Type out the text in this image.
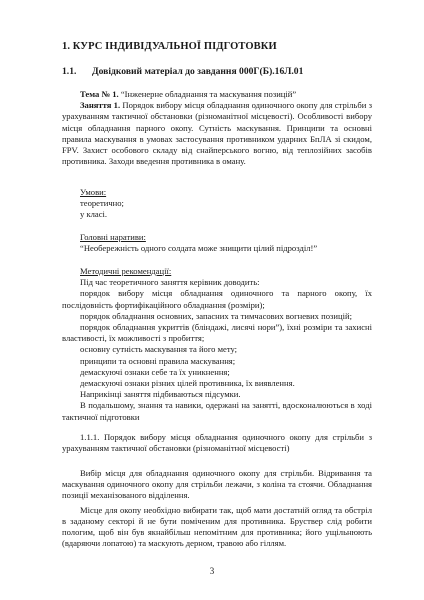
1. КУРС ІНДИВІДУАЛЬНОЇ ПІДГОТОВКИ
1.1. Довідковий матеріал до завдання 000Г(Б).16Л.01

Тема № 1. “Інженерне обладнання та маскування позицій”

Заняття 1. Порядок вибору місця обладнання одиночного окопу для стрільби з урахуванням тактичної обстановки (різноманітної місцевості). Особливості вибору місця обладнання парного окопу. Сутність маскування. Принципи та основні правила маскування в умовах застосування противником ударних БпЛА зі скидом, FPV. Захист особового складу від снайперського вогню, від теплозійних засобів противника. Заходи введення противника в оману.

Умови:

теоретично;

у класі.

Головні наративи:

“Необережність одного солдата може знищити цілий підрозділ!”

Методичні рекомендації:

Під час теоретичного заняття керівник доводить:

порядок вибору місця обладнання одиночного та парного окопу, їх послідовність фортифікаційного обладнання (розміри);

порядок обладнання основних, запасних та тимчасових вогневих позицій;

порядок обладнання укриттів (бліндажі, лисячі нори”), їхні розміри та захисні властивості, їх можливості з пробиття;

основну сутність маскування та його мету;

принципи та основні правила маскування;

демаскуючі ознаки себе та їх уникнення;

демаскуючі ознаки різних цілей противника, їх виявлення.

Наприкінці заняття підбиваються підсумки.

В подальшому, знання та навики, одержані на занятті, вдосконалюються в ході тактичної підготовки

1.1.1. Порядок вибору місця обладнання одиночного окопу для стрільби з урахуванням тактичної обстановки (різноманітної місцевості)

Вибір місця для обладнання одиночного окопу для стрільби. Відривання та маскування одиночного окопу для стрільби лежачи, з коліна та стоячи. Обладнання позиції механізованого відділення.

Місце для окопу необхідно вибирати так, щоб мати достатній огляд та обстріл в заданому секторі й не бути поміченим для противника. Бруствер слід робити пологим, щоб він був якнайбільш непомітним для противника; його ущільнюють (вдаряючи лопатою) та маскують дерном, травою або гіллям.

3
